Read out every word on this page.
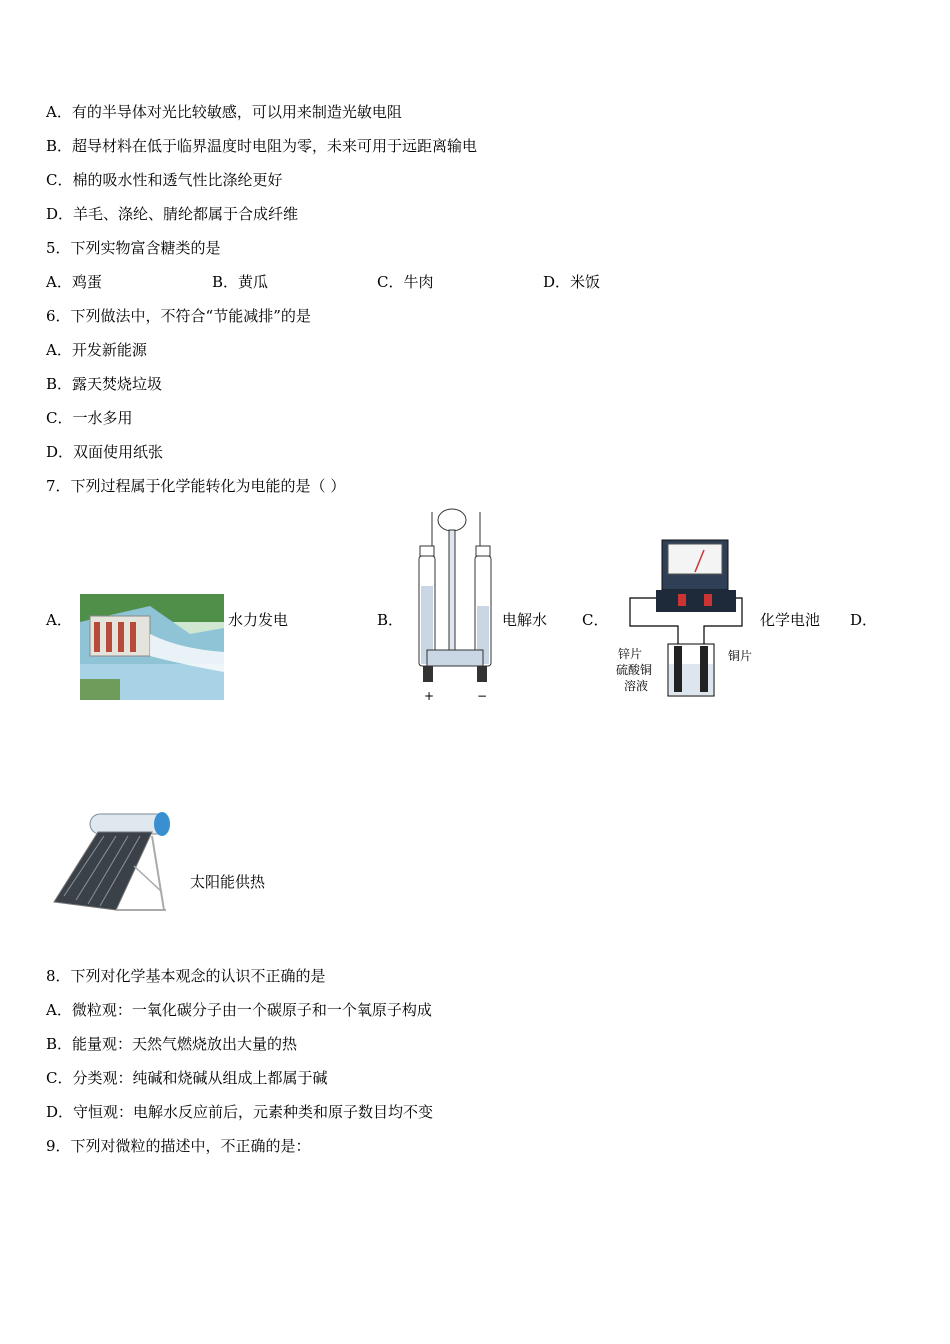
A．有的半导体对光比较敏感，可以用来制造光敏电阻
B．超导材料在低于临界温度时电阻为零，未来可用于远距离输电
C．棉的吸水性和透气性比涤纶更好
D．羊毛、涤纶、腈纶都属于合成纤维
5．下列实物富含糖类的是
A．鸡蛋	B．黄瓜	C．牛肉	D．米饭
6．下列做法中，不符合“节能减排”的是
A．开发新能源
B．露天焚烧垃圾
C．一水多用
D．双面使用纸张
7．下列过程属于化学能转化为电能的是（ ）
A．	水力发电	B．
+	−
电解水 C．
锌片
硫酸铜
溶液
铜片
化学电池 D．
太阳能供热
8．下列对化学基本观念的认识不正确的是
A．微粒观：一氧化碳分子由一个碳原子和一个氧原子构成
B．能量观：天然气燃烧放出大量的热
C．分类观：纯碱和烧碱从组成上都属于碱
D．守恒观：电解水反应前后，元素种类和原子数目均不变
9．下列对微粒的描述中，不正确的是：
